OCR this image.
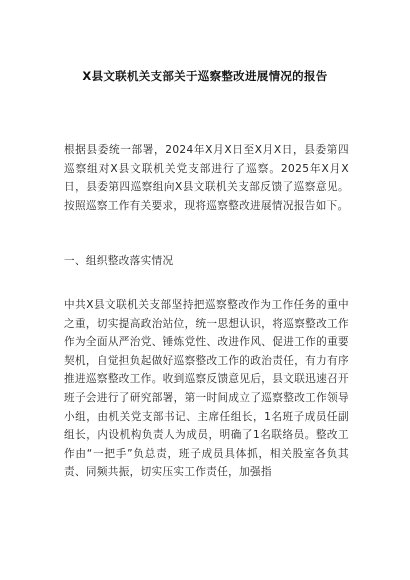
X县文联机关支部关于巡察整改进展情况的报告

根据县委统一部署，2024年X月X日至X月X日，县委第四巡察组对X县文联机关党支部进行了巡察。2025年X月X日，县委第四巡察组向X县文联机关支部反馈了巡察意见。按照巡察工作有关要求，现将巡察整改进展情况报告如下。

一、组织整改落实情况

中共X县文联机关支部坚持把巡察整改作为工作任务的重中之重，切实提高政治站位，统一思想认识，将巡察整改工作作为全面从严治党、锤炼党性、改进作风、促进工作的重要契机，自觉担负起做好巡察整改工作的政治责任，有力有序推进巡察整改工作。收到巡察反馈意见后，县文联迅速召开班子会进行了研究部署，第一时间成立了巡察整改工作领导小组，由机关党支部书记、主席任组长，1名班子成员任副组长，内设机构负责人为成员，明确了1名联络员。整改工作由“一把手”负总责，班子成员具体抓，相关股室各负其责、同频共振，切实压实工作责任，加强指
